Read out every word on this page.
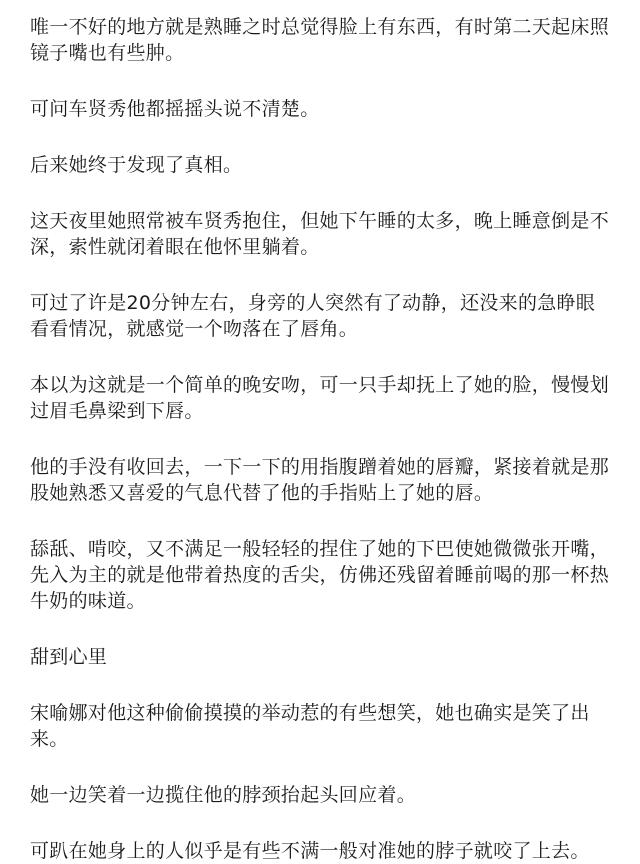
唯一不好的地方就是熟睡之时总觉得脸上有东西，有时第二天起床照镜子嘴也有些肿。

可问车贤秀他都摇摇头说不清楚。

后来她终于发现了真相。

这天夜里她照常被车贤秀抱住，但她下午睡的太多，晚上睡意倒是不深，索性就闭着眼在他怀里躺着。

可过了许是20分钟左右，身旁的人突然有了动静，还没来的急睁眼看看情况，就感觉一个吻落在了唇角。

本以为这就是一个简单的晚安吻，可一只手却抚上了她的脸，慢慢划过眉毛鼻梁到下唇。

他的手没有收回去，一下一下的用指腹蹭着她的唇瓣，紧接着就是那股她熟悉又喜爱的气息代替了他的手指贴上了她的唇。

舔舐、啃咬，又不满足一般轻轻的捏住了她的下巴使她微微张开嘴，先入为主的就是他带着热度的舌尖，仿佛还残留着睡前喝的那一杯热牛奶的味道。

甜到心里

宋喻娜对他这种偷偷摸摸的举动惹的有些想笑，她也确实是笑了出来。

她一边笑着一边揽住他的脖颈抬起头回应着。

可趴在她身上的人似乎是有些不满一般对准她的脖子就咬了上去。
